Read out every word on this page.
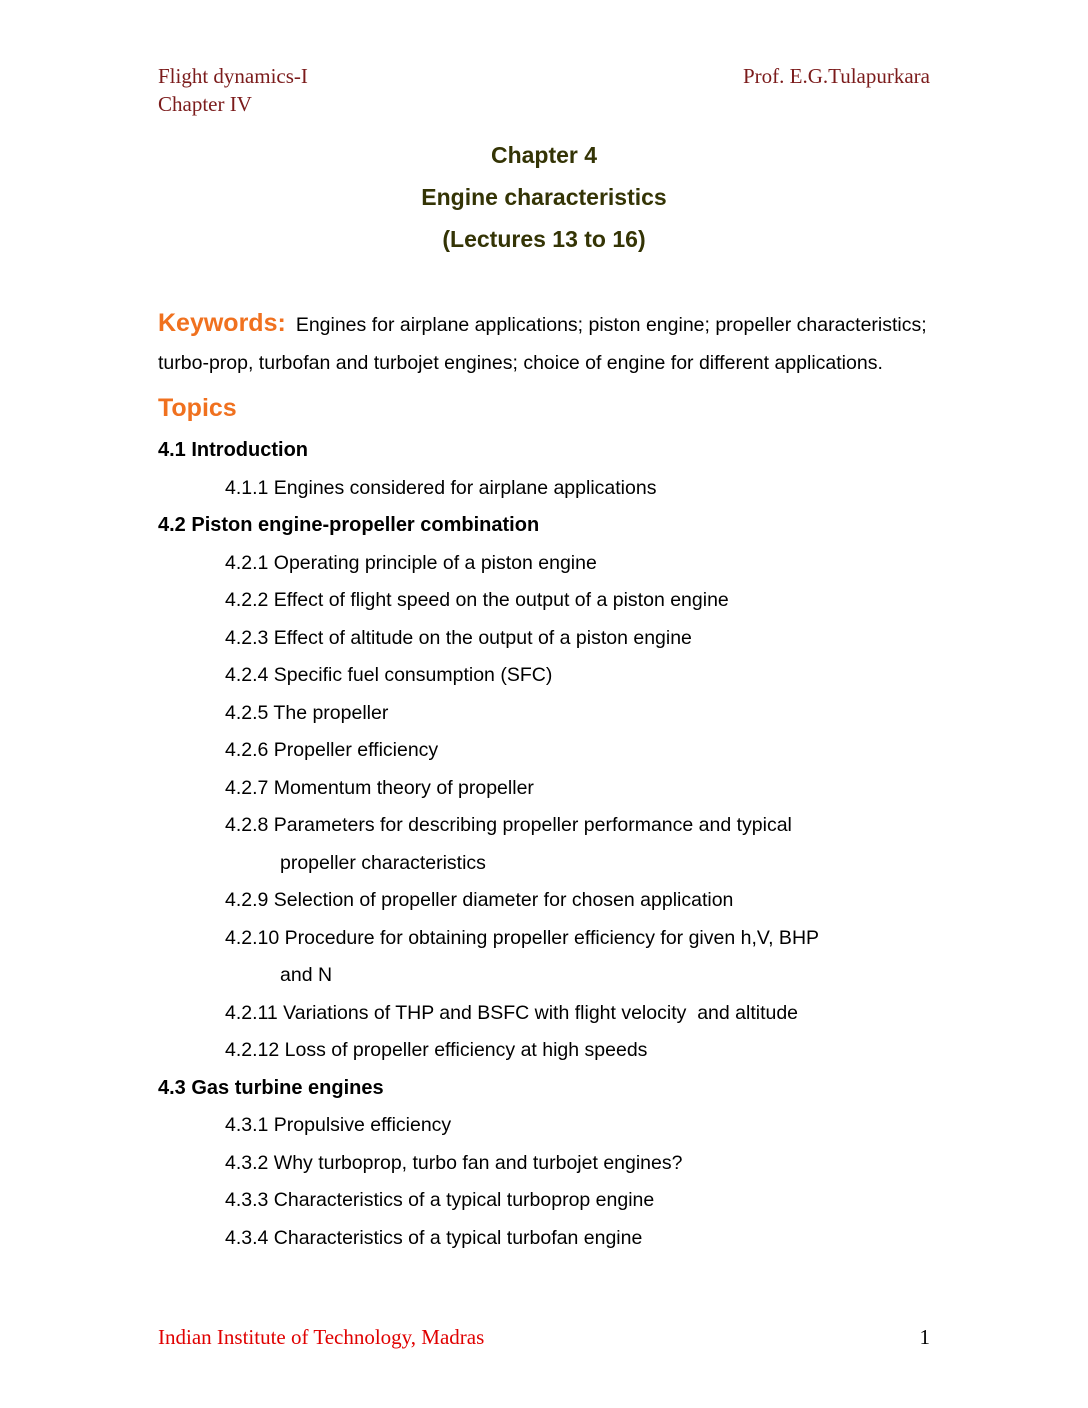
Flight dynamics-I
Chapter IV
Prof. E.G.Tulapurkara
Chapter 4
Engine characteristics
(Lectures 13 to 16)

Keywords: Engines for airplane applications; piston engine; propeller characteristics; turbo-prop, turbofan and turbojet engines; choice of engine for different applications.

Topics
4.1 Introduction
4.1.1 Engines considered for airplane applications
4.2 Piston engine-propeller combination
4.2.1 Operating principle of a piston engine
4.2.2 Effect of flight speed on the output of a piston engine
4.2.3 Effect of altitude on the output of a piston engine
4.2.4 Specific fuel consumption (SFC)
4.2.5 The propeller
4.2.6 Propeller efficiency
4.2.7 Momentum theory of propeller
4.2.8 Parameters for describing propeller performance and typical
propeller characteristics
4.2.9 Selection of propeller diameter for chosen application
4.2.10 Procedure for obtaining propeller efficiency for given h,V, BHP
and N
4.2.11 Variations of THP and BSFC with flight velocity  and altitude
4.2.12 Loss of propeller efficiency at high speeds
4.3 Gas turbine engines
4.3.1 Propulsive efficiency
4.3.2 Why turboprop, turbo fan and turbojet engines?
4.3.3 Characteristics of a typical turboprop engine
4.3.4 Characteristics of a typical turbofan engine
Indian Institute of Technology, Madras	1
